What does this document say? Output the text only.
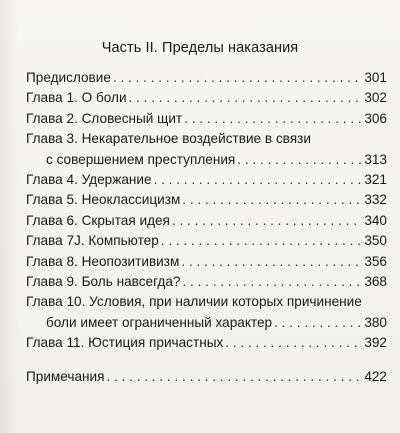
.
Часть II. Пределы наказания
Предисловие . . .	301
Глава 1. О боли . . .	302
Глава 2. Словесный щит . . .	306
Глава 3. Некарательное воздействие в связи
с совершением преступления . . .	313
Глава 4. Удержание . . .	321
Глава 5. Неоклассицизм . . .	332
Глава 6. Скрытая идея . . .	340
Глава 7J. Компьютер . . .	350
Глава 8. Неопозитивизм . . .	356
Глава 9. Боль навсегда? . . .	368
Глава 10. Условия, при наличии которых причинение
боли имеет ограниченный характер . . .	380
Глава 11. Юстиция причастных . . .	392
Примечания . . .	422
